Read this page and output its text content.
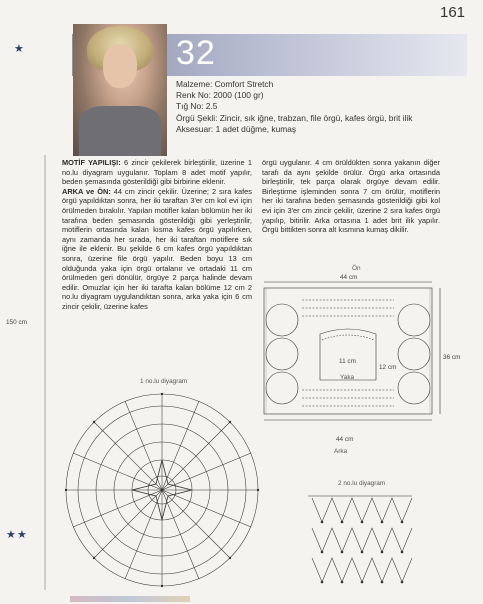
161
★
★ ★
32
Malzeme: Comfort Stretch
Renk No: 2000 (100 gr)
Tığ No: 2.5
Örgü Şekli: Zincir, sık iğne, trabzan, file örgü, kafes örgü, brit ilik
Aksesuar: 1 adet düğme, kumaş
MOTİF YAPILIŞI: 6 zincir çekilerek birleştirilir, üzerine 1 no.lu diyagram uygulanır. Toplam 8 adet motif yapılır, beden şemasında gösterildiği gibi birbirine eklenir.
ARKA ve ÖN: 44 cm zincir çekilir. Üzerine; 2 sıra kafes örgü yapıldıktan sonra, her iki taraftan 3'er cm kol evi için örülmeden bırakılır. Yapılan motifler kalan bölümün her iki tarafına beden şemasında gösterildiği gibi yerleştirilir, motiflerin ortasında kalan kısma kafes örgü yapılırken, aynı zamanda her sırada, her iki taraftan motiflere sık iğne ile eklenir. Bu şekilde 6 cm kafes örgü yapıldıktan sonra, üzerine file örgü yapılır. Beden boyu 13 cm olduğunda yaka için örgü ortalanır ve ortadaki 11 cm örülmeden geri dönülür, örgüye 2 parça halinde devam edilir. Omuzlar için her iki tarafta kalan bölüme 12 cm 2 no.lu diyagram uygulandıktan sonra, arka yaka için 6 cm zincir çekilir, üzerine kafes
örgü uygulanır. 4 cm örüldükten sonra yakanın diğer tarafı da aynı şekilde örülür. Örgü arka ortasında birleştirilir, tek parça olarak örgüye devam edilir. Birleştirme işleminden sonra 7 cm örülür, motiflerin her iki tarafına beden şemasında gösterildiği gibi kol evi için 3'er cm zincir çekilir, üzerine 2 sıra kafes örgü yapılıp, bitirilir. Arka ortasına 1 adet brit ilik yapılır. Örgü bittikten sonra alt kısmına kumaş dikilir.
150 cm
1 no.lu diyagram
Ön
44 cm
36 cm
11 cm
12 cm
Yaka
44 cm
Arka
2 no.lu diyagram
